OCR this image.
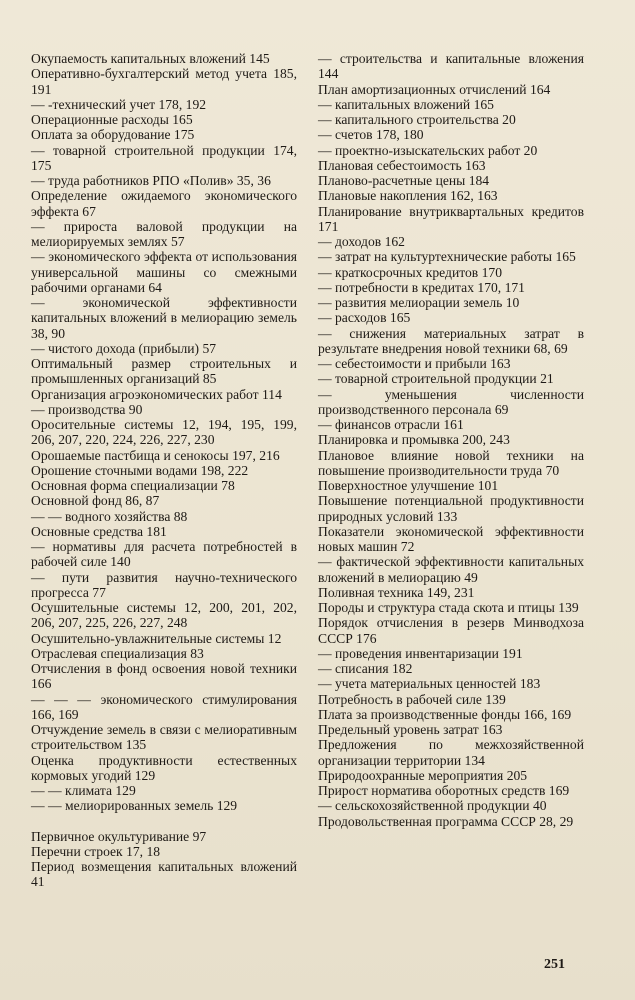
Окупаемость капитальных вложений 145
Оперативно-бухгалтерский метод учета 185, 191
— -технический учет 178, 192
Операционные расходы 165
Оплата за оборудование 175
— товарной строительной продукции 174, 175
— труда работников РПО «Полив» 35, 36
Определение ожидаемого экономического эффекта 67
— прироста валовой продукции на мелиорируемых землях 57
— экономического эффекта от использования универсальной машины со смежными рабочими органами 64
— экономической эффективности капитальных вложений в мелиорацию земель 38, 90
— чистого дохода (прибыли) 57
Оптимальный размер строительных и промышленных организаций 85
Организация агроэкономических работ 114
— производства 90
Оросительные системы 12, 194, 195, 199, 206, 207, 220, 224, 226, 227, 230
Орошаемые пастбища и сенокосы 197, 216
Орошение сточными водами 198, 222
Основная форма специализации 78
Основной фонд 86, 87
— — водного хозяйства 88
Основные средства 181
— нормативы для расчета потребностей в рабочей силе 140
— пути развития научно-технического прогресса 77
Осушительные системы 12, 200, 201, 202, 206, 207, 225, 226, 227, 248
Осушительно-увлажнительные системы 12
Отраслевая специализация 83
Отчисления в фонд освоения новой техники 166
— — — экономического стимулирования 166, 169
Отчуждение земель в связи с мелиоративным строительством 135
Оценка продуктивности естественных кормовых угодий 129
— — климата 129
— — мелиорированных земель 129
Первичное окультуривание 97
Перечни строек 17, 18
Период возмещения капитальных вложений 41
— строительства и капитальные вложения 144
План амортизационных отчислений 164
— капитальных вложений 165
— капитального строительства 20
— счетов 178, 180
— проектно-изыскательских работ 20
Плановая себестоимость 163
Планово-расчетные цены 184
Плановые накопления 162, 163
Планирование внутриквартальных кредитов 171
— доходов 162
— затрат на культуртехнические работы 165
— краткосрочных кредитов 170
— потребности в кредитах 170, 171
— развития мелиорации земель 10
— расходов 165
— снижения материальных затрат в результате внедрения новой техники 68, 69
— себестоимости и прибыли 163
— товарной строительной продукции 21
— уменьшения численности производственного персонала 69
— финансов отрасли 161
Планировка и промывка 200, 243
Плановое влияние новой техники на повышение производительности труда 70
Поверхностное улучшение 101
Повышение потенциальной продуктивности природных условий 133
Показатели экономической эффективности новых машин 72
— фактической эффективности капитальных вложений в мелиорацию 49
Поливная техника 149, 231
Породы и структура стада скота и птицы 139
Порядок отчисления в резерв Минводхоза СССР 176
— проведения инвентаризации 191
— списания 182
— учета материальных ценностей 183
Потребность в рабочей силе 139
Плата за производственные фонды 166, 169
Предельный уровень затрат 163
Предложения по межхозяйственной организации территории 134
Природоохранные мероприятия 205
Прирост норматива оборотных средств 169
— сельскохозяйственной продукции 40
Продовольственная программа СССР 28, 29
251
